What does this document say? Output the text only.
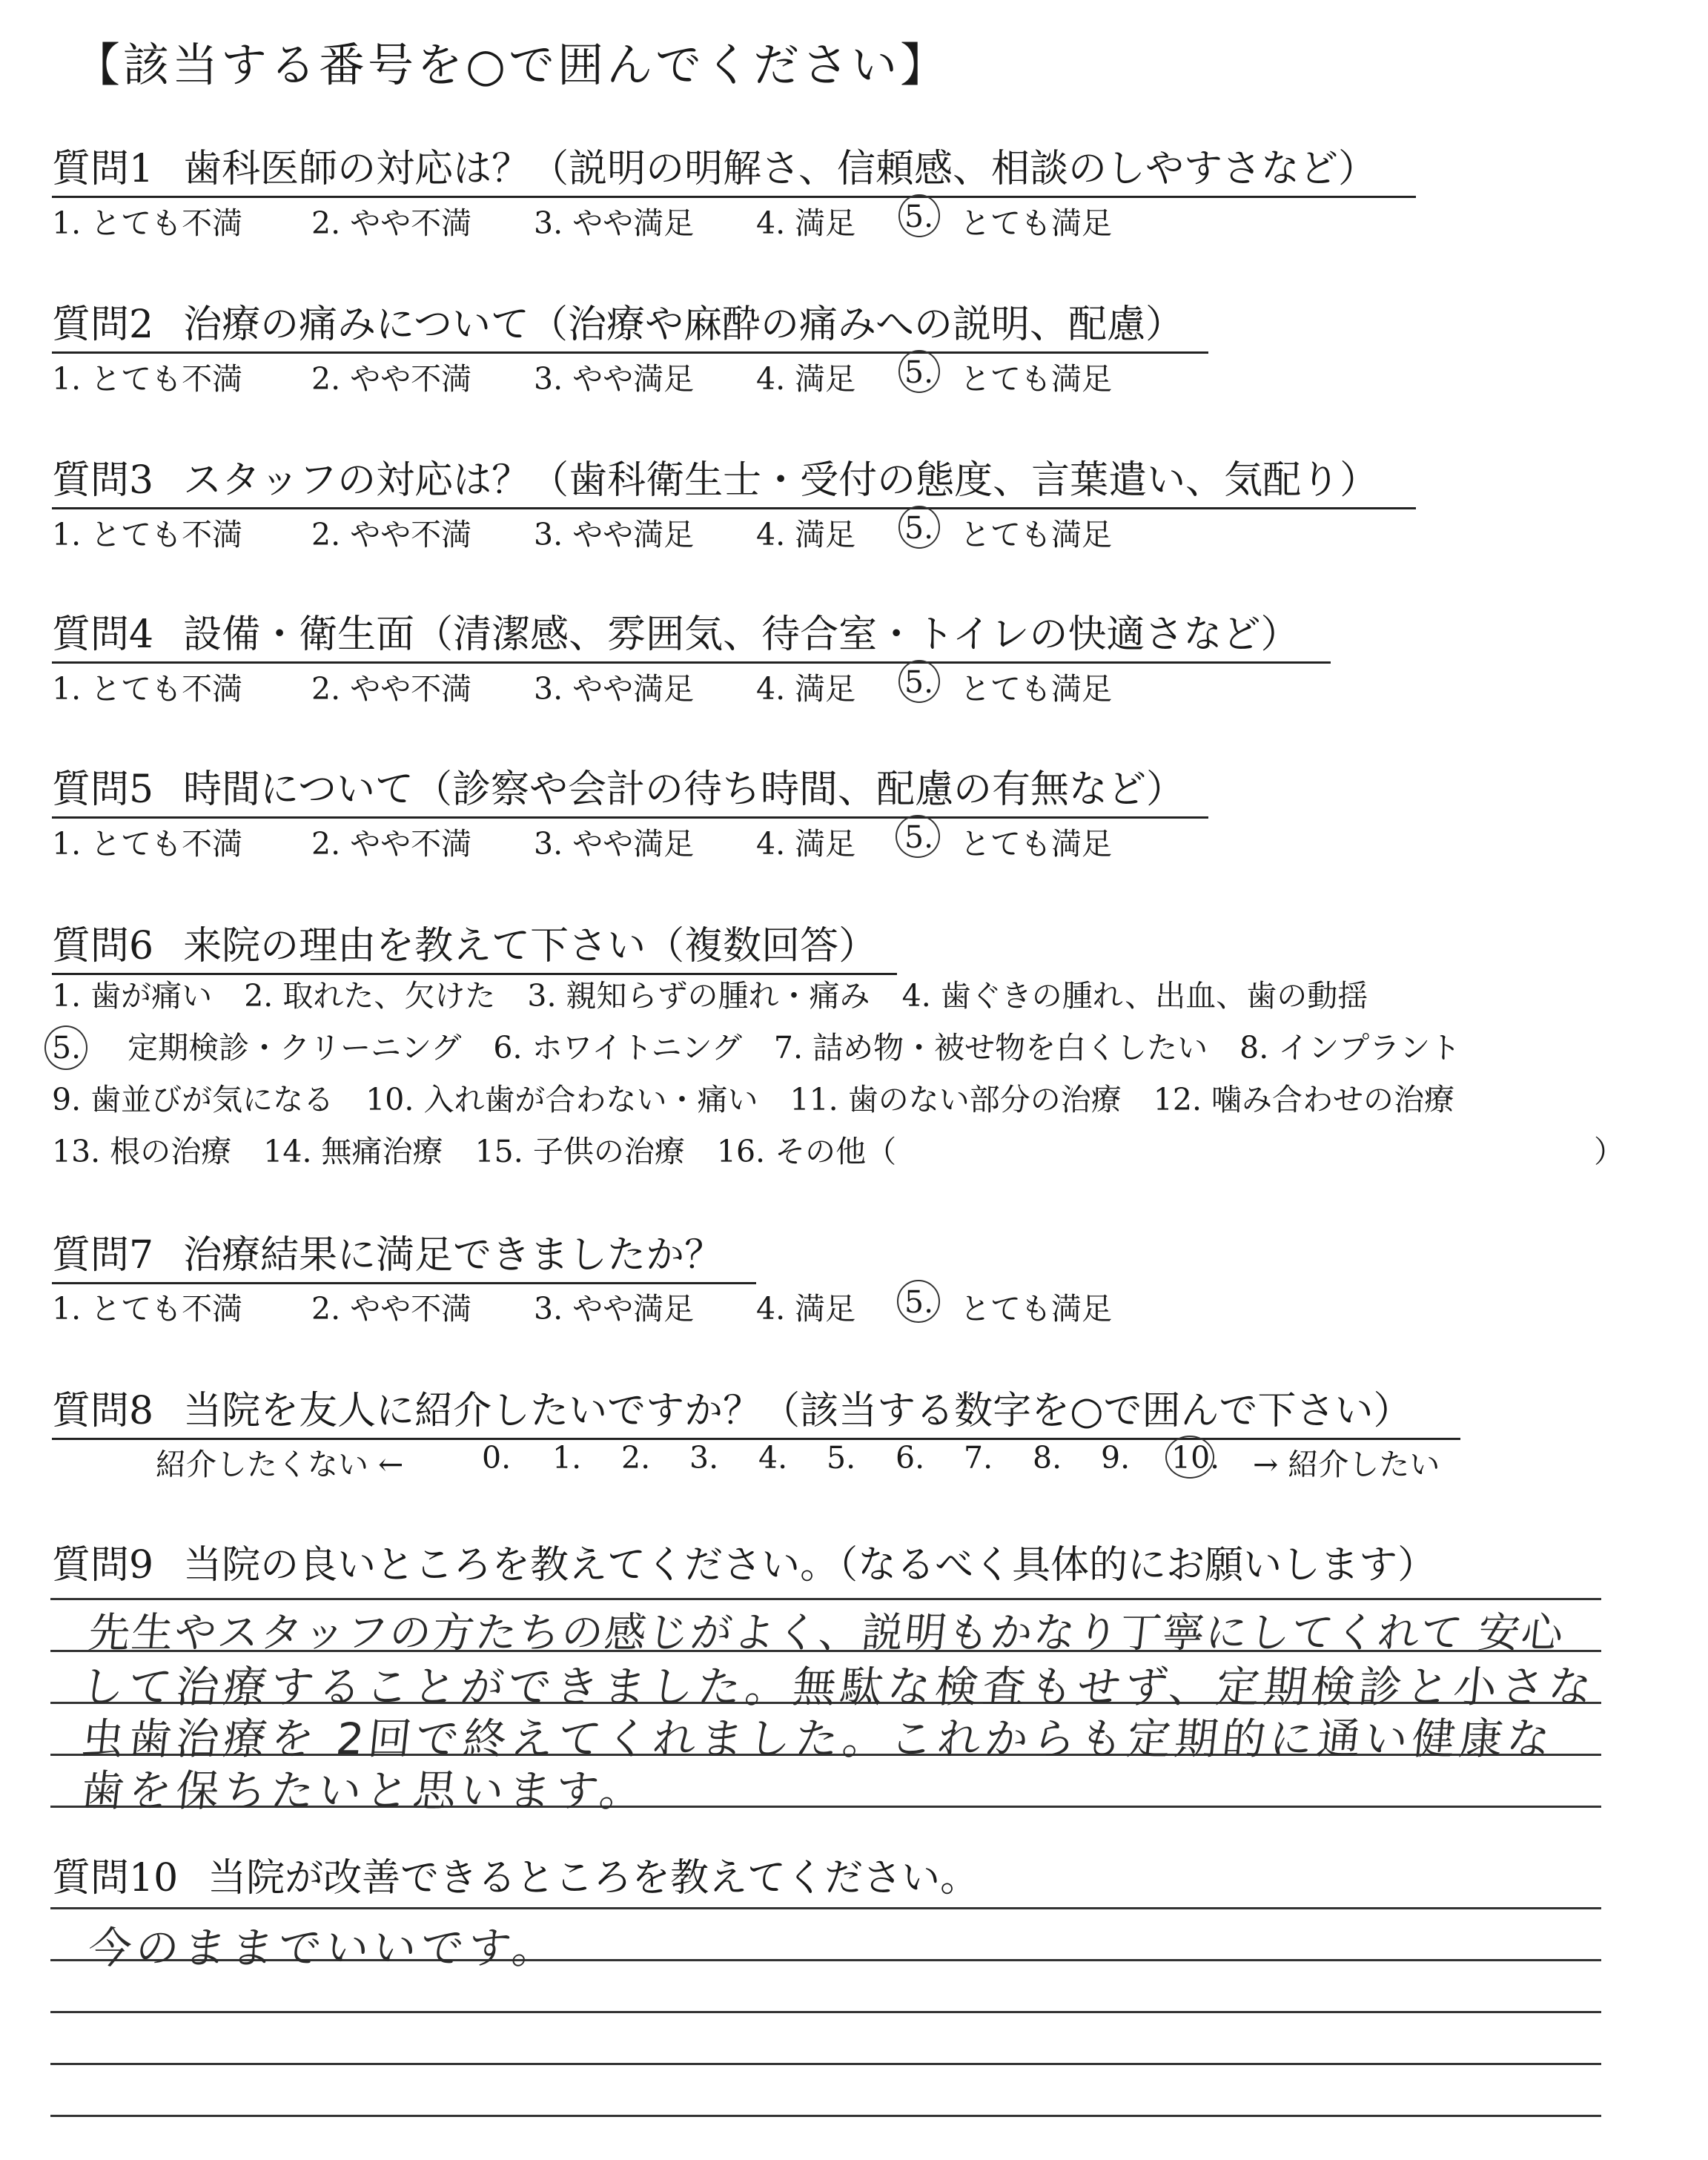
【該当する番号を○で囲んでください】
質問1 歯科医師の対応は？（説明の明解さ、信頼感、相談のしやすさなど）
1. とても不満 2. やや不満 3. やや満足 4. 満足 5. とても満足
質問2 治療の痛みについて（治療や麻酔の痛みへの説明、配慮）
1. とても不満 2. やや不満 3. やや満足 4. 満足 5. とても満足
質問3 スタッフの対応は？（歯科衛生士・受付の態度、言葉遣い、気配り）
1. とても不満 2. やや不満 3. やや満足 4. 満足 5. とても満足
質問4 設備・衛生面（清潔感、雰囲気、待合室・トイレの快適さなど）
1. とても不満 2. やや不満 3. やや満足 4. 満足 5. とても満足
質問5 時間について（診察や会計の待ち時間、配慮の有無など）
1. とても不満 2. やや不満 3. やや満足 4. 満足 5. とても満足
質問6 来院の理由を教えて下さい（複数回答）
1. 歯が痛い 2. 取れた、欠けた 3. 親知らずの腫れ・痛み 4. 歯ぐきの腫れ、出血、歯の動揺
5. 定期検診・クリーニング 6. ホワイトニング 7. 詰め物・被せ物を白くしたい 8. インプラント
9. 歯並びが気になる 10. 入れ歯が合わない・痛い 11. 歯のない部分の治療 12. 噛み合わせの治療
13. 根の治療 14. 無痛治療 15. 子供の治療 16. その他（	）
質問7 治療結果に満足できましたか？
1. とても不満 2. やや不満 3. やや満足 4. 満足 5. とても満足
質問8 当院を友人に紹介したいですか？（該当する数字を○で囲んで下さい）
紹介したくない ←	0. 1. 2. 3. 4. 5. 6. 7. 8. 9. 10. → 紹介したい
質問9 当院の良いところを教えてください。（なるべく具体的にお願いします）
先生やスタッフの方たちの感じがよく、説明もかなり丁寧にしてくれて 安心
して治療することができました。無駄な検査もせず、定期検診と小さな
虫歯治療を 2回で終えてくれました。これからも定期的に通い健康な
歯を保ちたいと思います。
質問10 当院が改善できるところを教えてください。
今のままでいいです。
